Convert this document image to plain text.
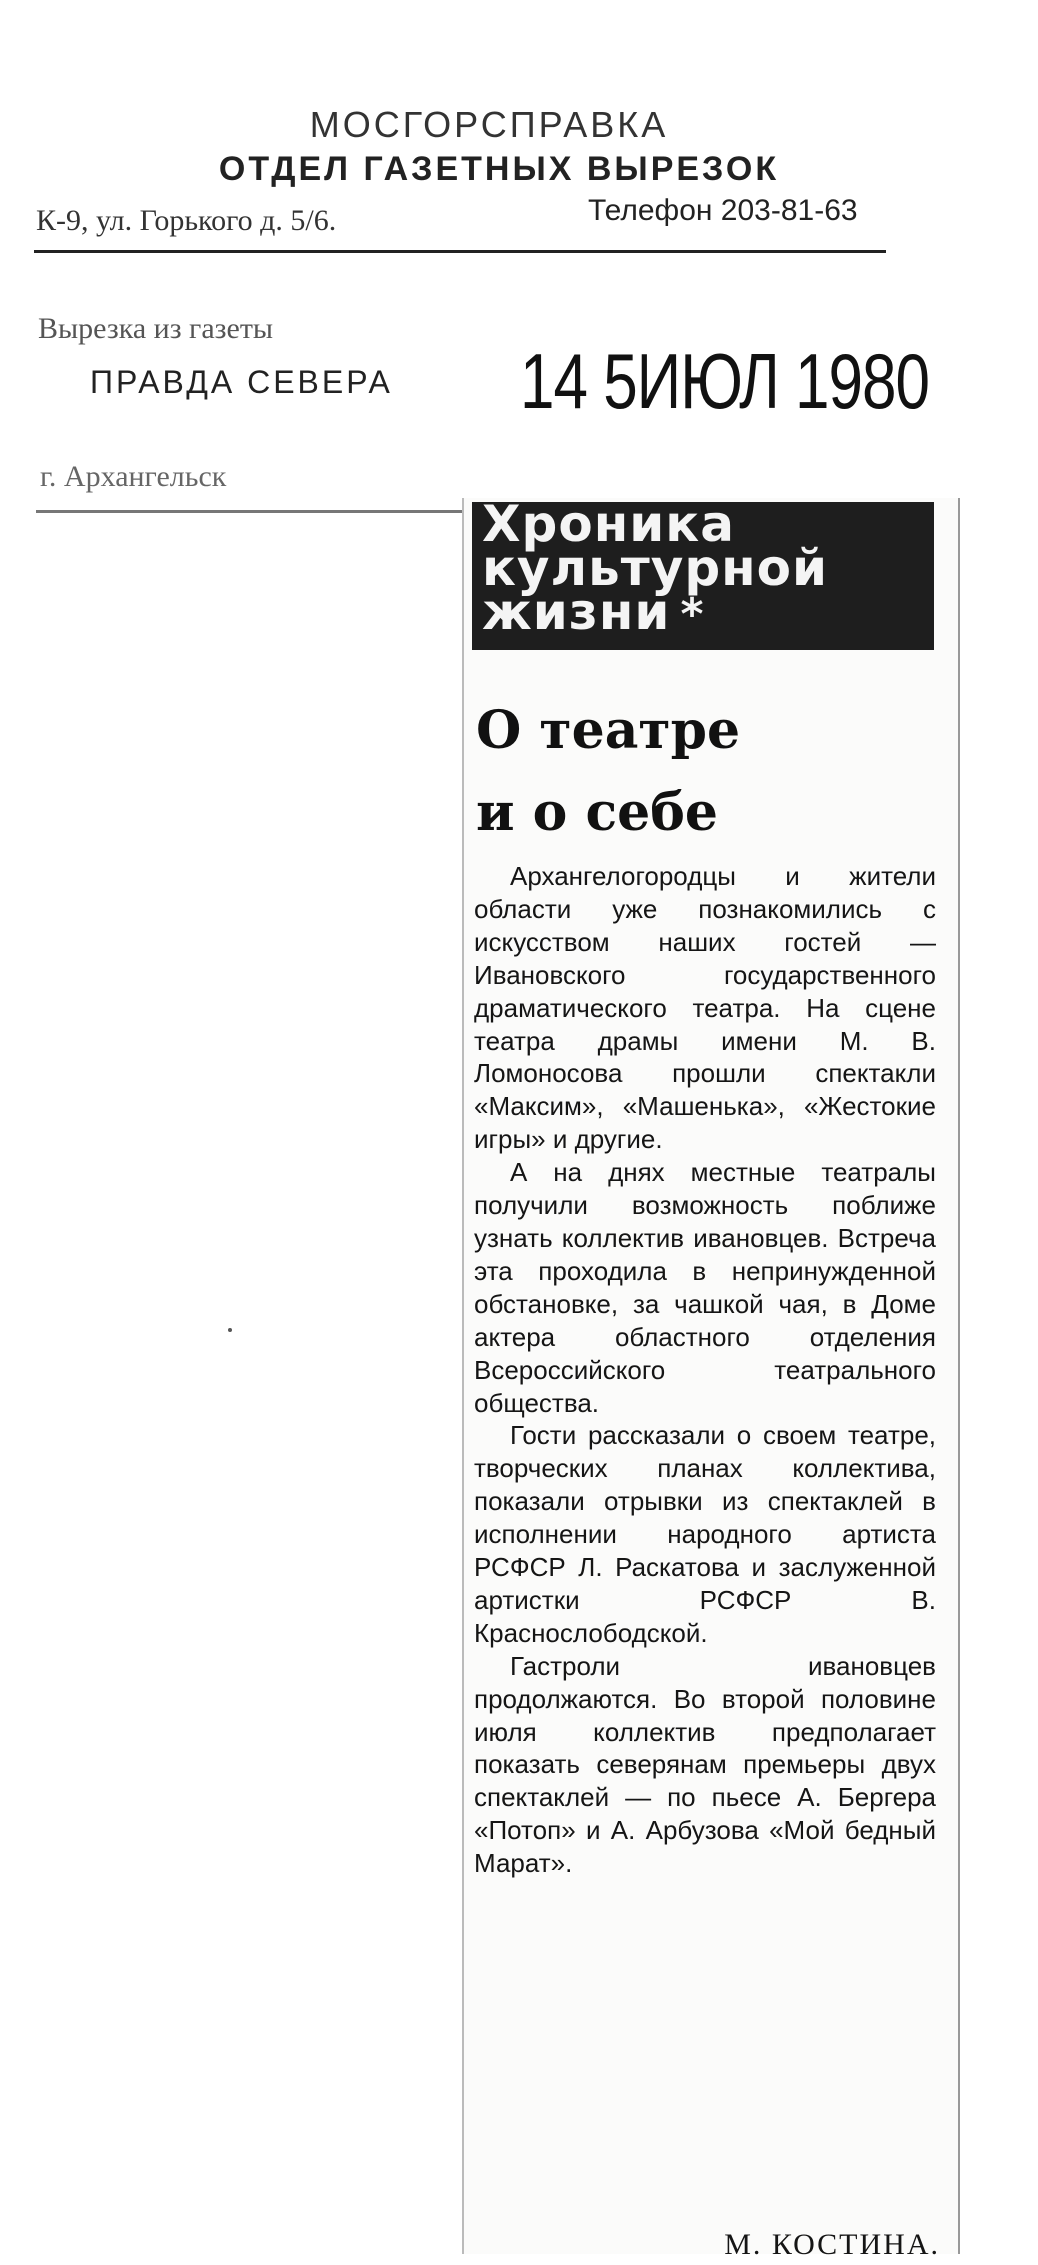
МОСГОРСПРАВКА
ОТДЕЛ ГАЗЕТНЫХ ВЫРЕЗОК
К-9, ул. Горького д. 5/6.	Телефон 203-81-63
Вырезка из газеты
ПРАВДА СЕВЕРА 14 5ИЮЛ 1980
г. Архангельск
Хроника
культурной
жизни *
О театре
и о себе

Архангелогородцы и жители области уже познакомились с искусством наших гостей — Ивановского государственного драматического театра. На сцене театра драмы имени М. В. Ломоносова прошли спектакли «Максим», «Машенька», «Жестокие игры» и другие.

А на днях местные театралы получили возможность поближе узнать коллектив ивановцев. Встреча эта проходила в непринужденной обстановке, за чашкой чая, в Доме актера областного отделения Всероссийского театрального общества.

Гости рассказали о своем театре, творческих планах коллектива, показали отрывки из спектаклей в исполнении народного артиста РСФСР Л. Раскатова и заслуженной артистки РСФСР В. Краснослободской.

Гастроли ивановцев продолжаются. Во второй половине июля коллектив предполагает показать северянам премьеры двух спектаклей — по пьесе А. Бергера «Потоп» и А. Арбузова «Мой бедный Марат».

М. КОСТИНА.
